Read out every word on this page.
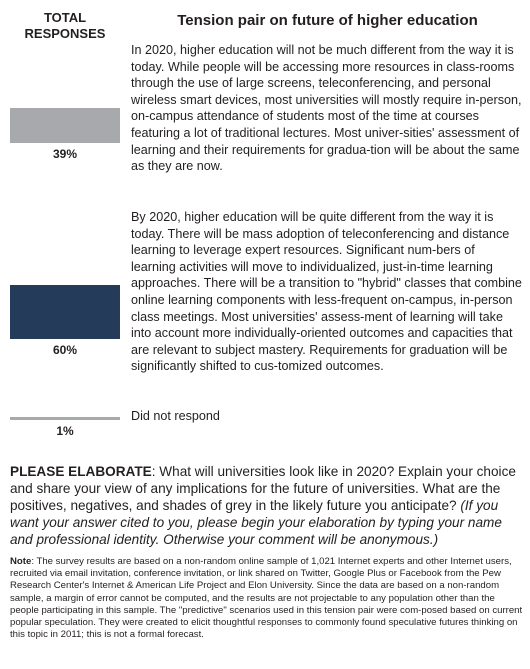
TOTAL RESPONSES
Tension pair on future of higher education
39%
60%
1%

In 2020, higher education will not be much different from the way it is today. While people will be accessing more resources in class-rooms through the use of large screens, teleconferencing, and personal wireless smart devices, most universities will mostly require in-person, on-campus attendance of students most of the time at courses featuring a lot of traditional lectures. Most univer-sities' assessment of learning and their requirements for gradua-tion will be about the same as they are now.

By 2020, higher education will be quite different from the way it is today. There will be mass adoption of teleconferencing and distance learning to leverage expert resources. Significant num-bers of learning activities will move to individualized, just-in-time learning approaches. There will be a transition to "hybrid" classes that combine online learning components with less-frequent on-campus, in-person class meetings. Most universities' assess-ment of learning will take into account more individually-oriented outcomes and capacities that are relevant to subject mastery. Requirements for graduation will be significantly shifted to cus-tomized outcomes.

Did not respond

PLEASE ELABORATE: What will universities look like in 2020? Explain your choice and share your view of any implications for the future of universities. What are the positives, negatives, and shades of grey in the likely future you anticipate? (If you want your answer cited to you, please begin your elaboration by typing your name and professional identity. Otherwise your comment will be anonymous.)

Note: The survey results are based on a non-random online sample of 1,021 Internet experts and other Internet users, recruited via email invitation, conference invitation, or link shared on Twitter, Google Plus or Facebook from the Pew Research Center's Internet & American Life Project and Elon University. Since the data are based on a non-random sample, a margin of error cannot be computed, and the results are not projectable to any population other than the people participating in this sample. The "predictive" scenarios used in this tension pair were com-posed based on current popular speculation. They were created to elicit thoughtful responses to commonly found speculative futures thinking on this topic in 2011; this is not a formal forecast.
